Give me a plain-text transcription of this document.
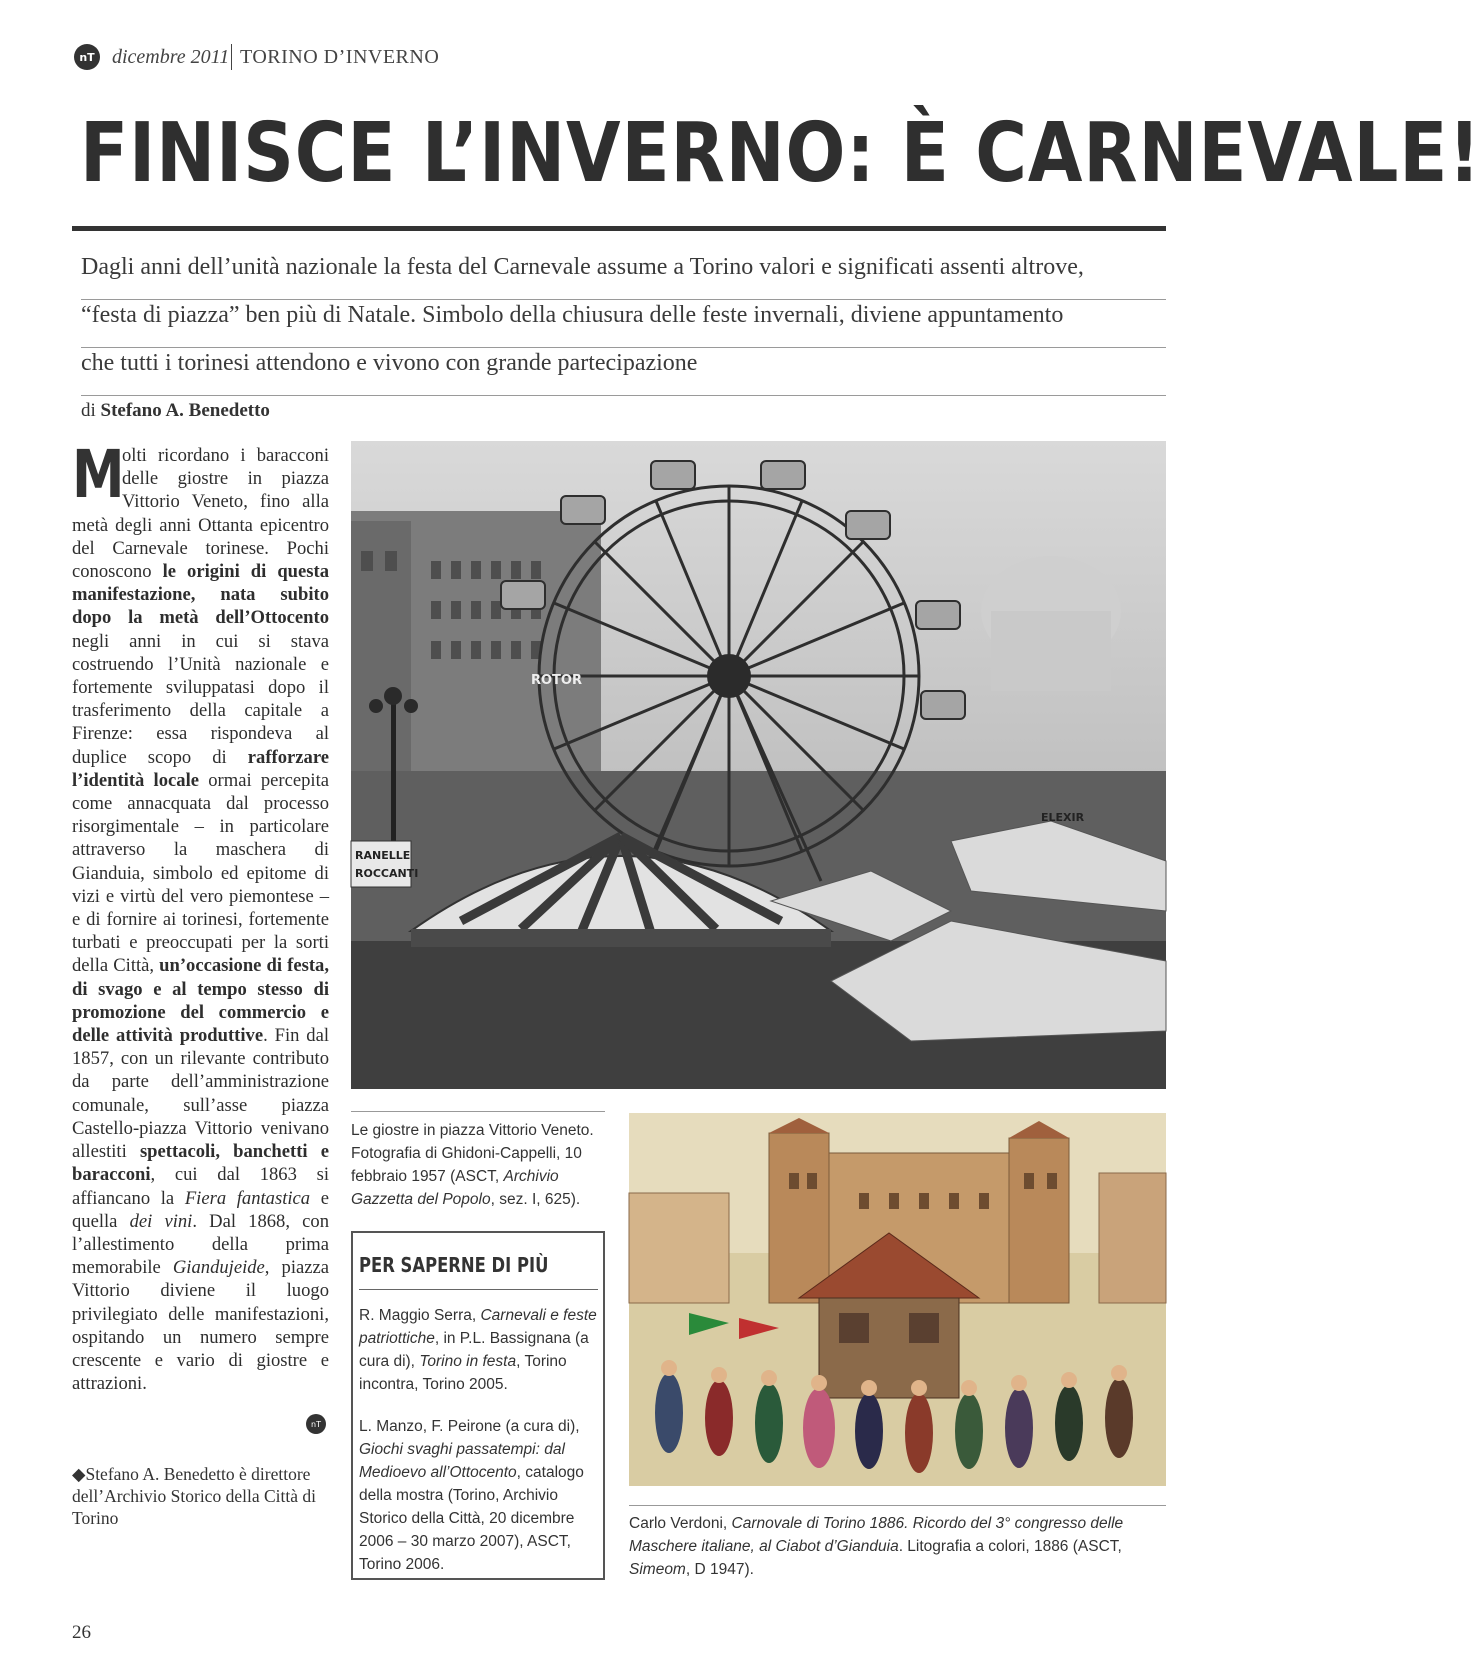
nT dicembre 2011 TORINO D’INVERNO
FINISCE L’INVERNO: È CARNEVALE!
Dagli anni dell’unità nazionale la festa del Carnevale assume a Torino valori e significati assenti altrove,
“festa di piazza” ben più di Natale. Simbolo della chiusura delle feste invernali, diviene appuntamento
che tutti i torinesi attendono e vivono con grande partecipazione
di Stefano A. Benedetto
M
olti ricordano i baracconi delle giostre in piazza Vittorio Veneto, fino alla metà degli anni Ottanta epicentro del Carnevale torinese. Pochi conoscono le origini di questa manifestazione, nata subito dopo la metà dell’Ottocento negli anni in cui si stava costruendo l’Unità nazionale e fortemente sviluppatasi dopo il trasferimento della capitale a Firenze: essa rispondeva al duplice scopo di rafforzare l’identità locale ormai percepita come annacquata dal processo risorgimentale – in particolare attraverso la maschera di Gianduia, simbolo ed epitome di vizi e virtù del vero piemontese – e di fornire ai torinesi, fortemente turbati e preoccupati per la sorti della Città, un’occasione di festa, di svago e al tempo stesso di promozione del commercio e delle attività produttive. Fin dal 1857, con un rilevante contributo da parte dell’amministrazione comunale, sull’asse piazza Castello-piazza Vittorio venivano allestiti spettacoli, banchetti e baracconi, cui dal 1863 si affiancano la Fiera fantastica e quella dei vini. Dal 1868, con l’allestimento della prima memorabile Giandujeide, piazza Vittorio diviene il luogo privilegiato delle manifestazioni, ospitando un numero sempre crescente e vario di giostre e attrazioni.
nT
◆Stefano A. Benedetto è direttore dell’Archivio Storico della Città di Torino
26
RANELLE
ROCCANTI
ROTOR
ELEXIR
Le giostre in piazza Vittorio Veneto. Fotografia di Ghidoni-Cappelli, 10 febbraio 1957 (ASCT, Archivio Gazzetta del Popolo, sez. I, 625).
PER SAPERNE DI PIÙ

R. Maggio Serra, Carnevali e feste patriottiche, in P.L. Bassignana (a cura di), Torino in festa, Torino incontra, Torino 2005.

L. Manzo, F. Peirone (a cura di), Giochi svaghi passatempi: dal Medioevo all’Ottocento, catalogo della mostra (Torino, Archivio Storico della Città, 20 dicembre 2006 – 30 marzo 2007), ASCT, Torino 2006.

Carlo Verdoni, Carnovale di Torino 1886. Ricordo del 3° congresso delle Maschere italiane, al Ciabot d’Gianduia. Litografia a colori, 1886 (ASCT, Simeom, D 1947).
